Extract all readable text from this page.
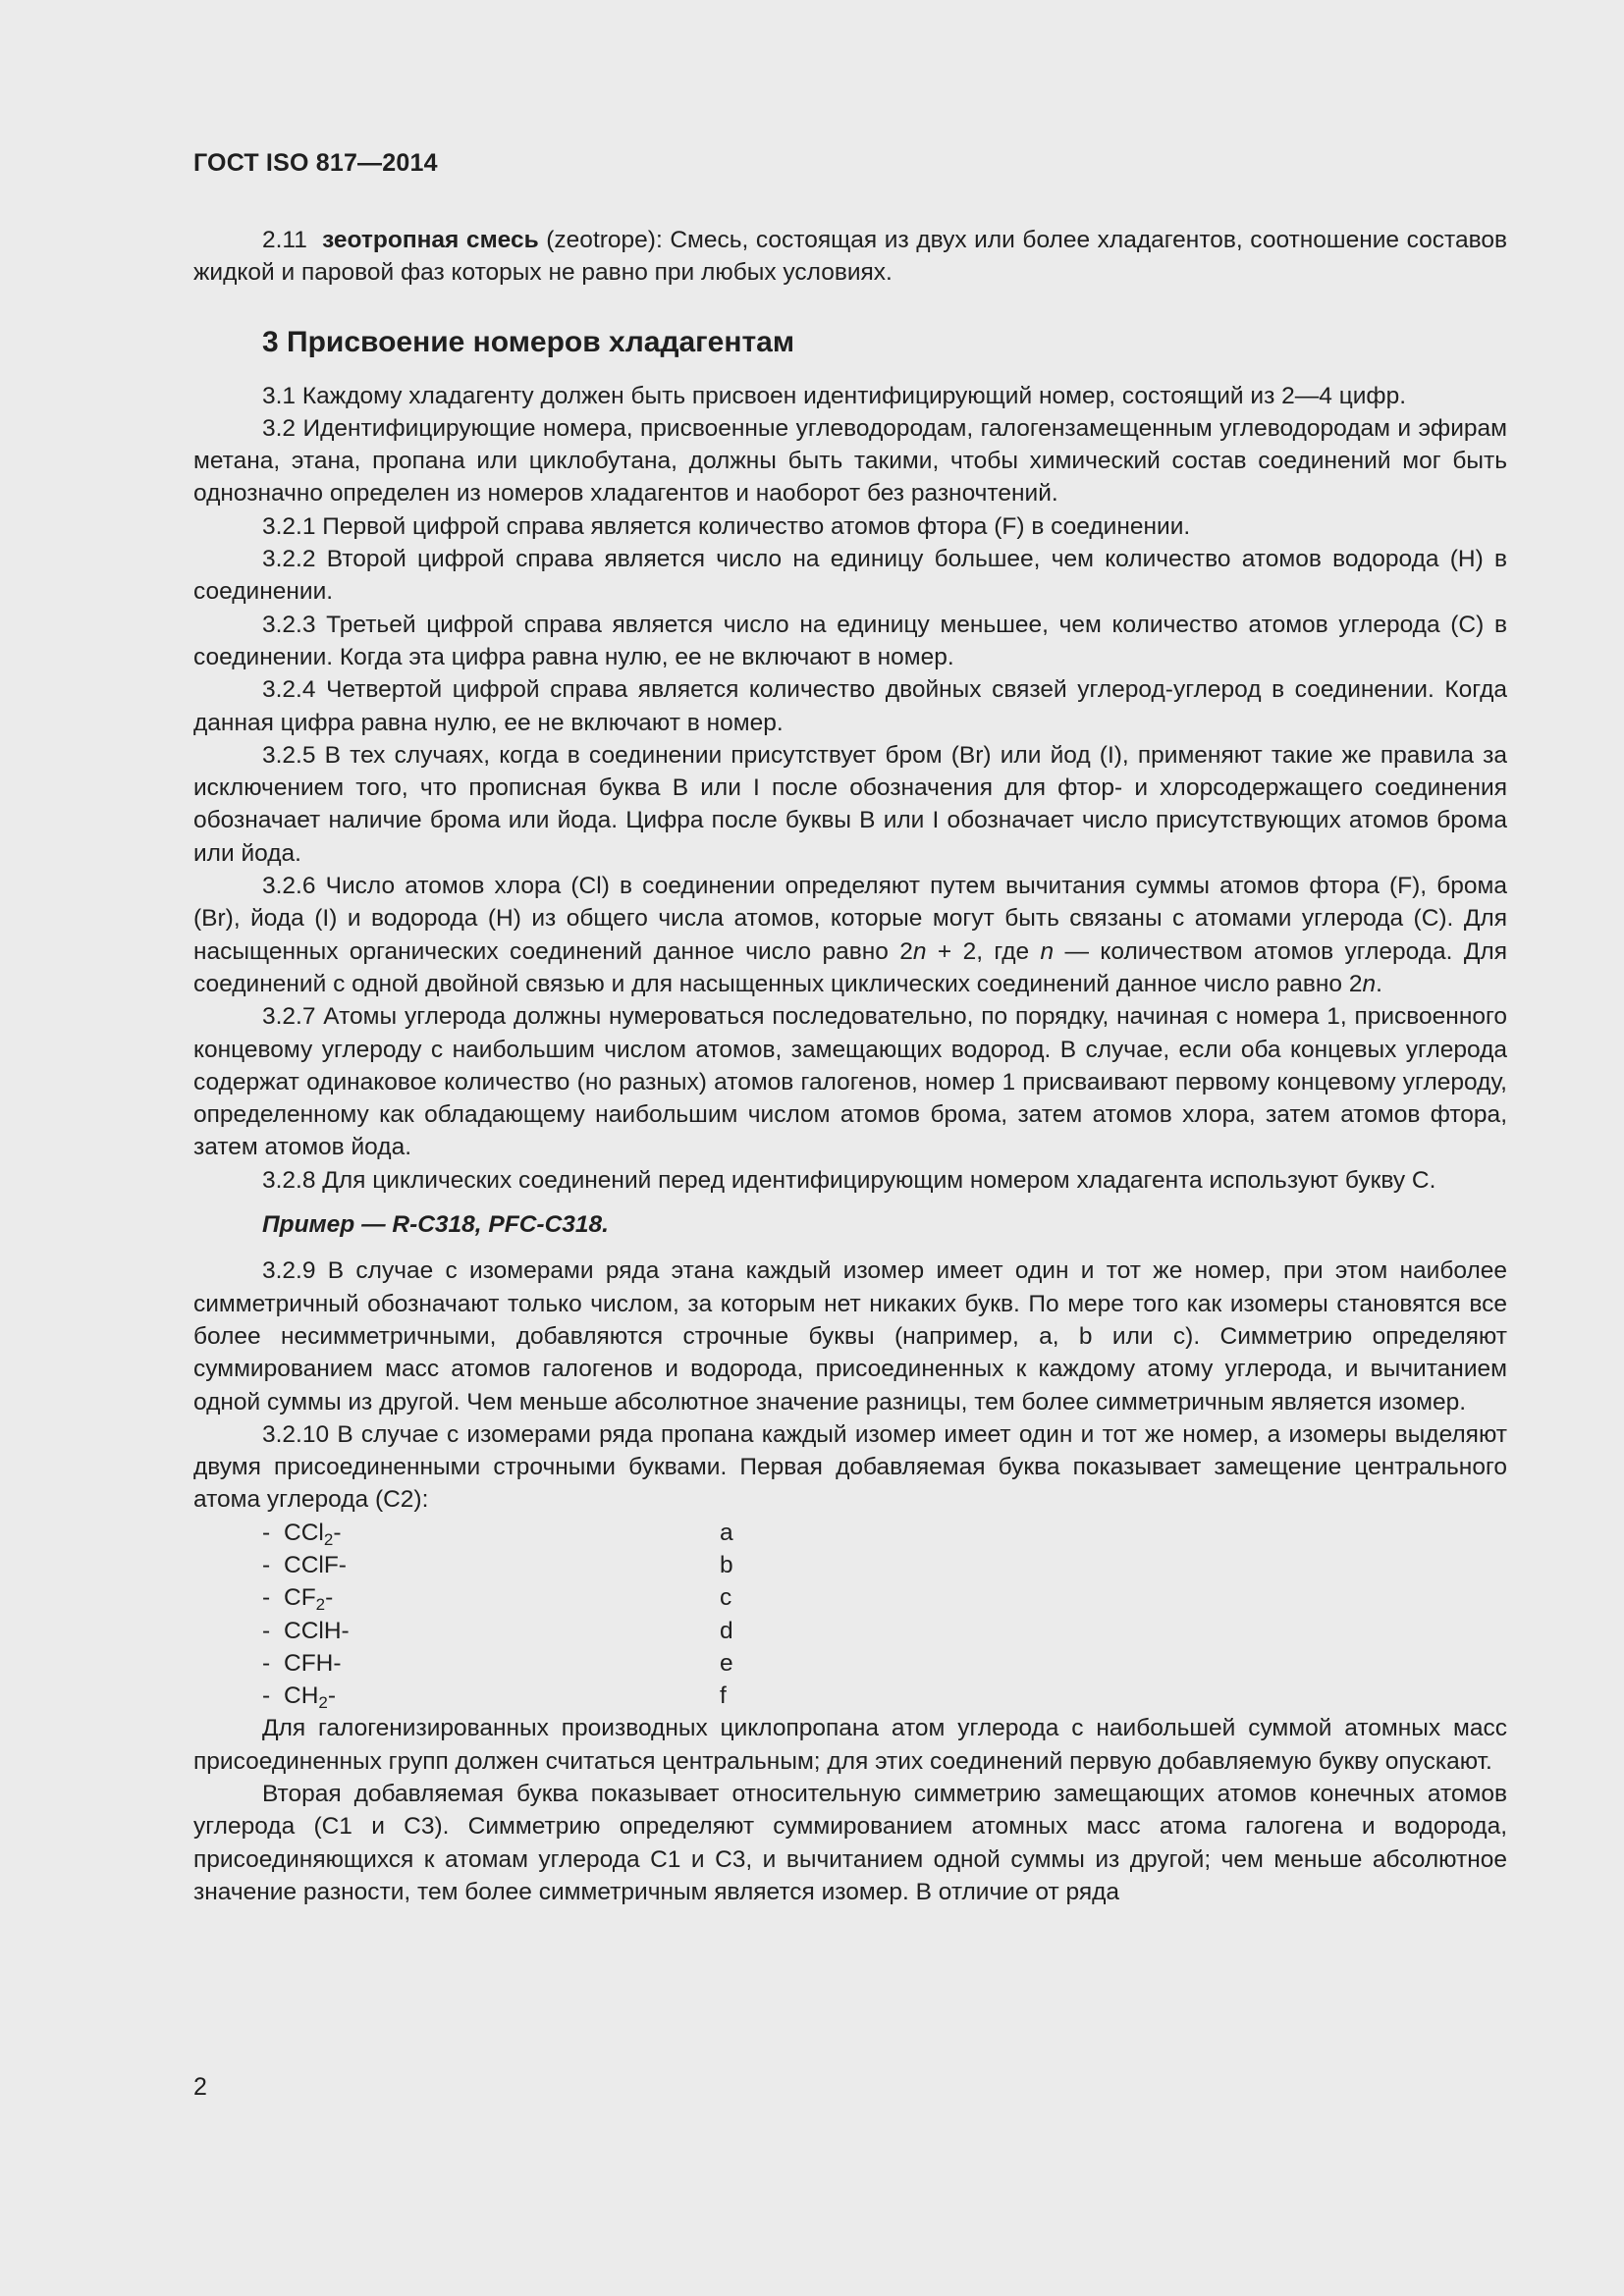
ГОСТ ISO 817—2014

2.11 зеотропная смесь (zeotrope): Смесь, состоящая из двух или более хладагентов, соотношение составов жидкой и паровой фаз которых не равно при любых условиях.

3 Присвоение номеров хладагентам

3.1 Каждому хладагенту должен быть присвоен идентифицирующий номер, состоящий из 2—4 цифр.

3.2 Идентифицирующие номера, присвоенные углеводородам, галогензамещенным углеводородам и эфирам метана, этана, пропана или циклобутана, должны быть такими, чтобы химический состав соединений мог быть однозначно определен из номеров хладагентов и наоборот без разночтений.

3.2.1 Первой цифрой справа является количество атомов фтора (F) в соединении.

3.2.2 Второй цифрой справа является число на единицу большее, чем количество атомов водорода (H) в соединении.

3.2.3 Третьей цифрой справа является число на единицу меньшее, чем количество атомов углерода (C) в соединении. Когда эта цифра равна нулю, ее не включают в номер.

3.2.4 Четвертой цифрой справа является количество двойных связей углерод-углерод в соединении. Когда данная цифра равна нулю, ее не включают в номер.

3.2.5 В тех случаях, когда в соединении присутствует бром (Br) или йод (I), применяют такие же правила за исключением того, что прописная буква B или I после обозначения для фтор- и хлорсодержащего соединения обозначает наличие брома или йода. Цифра после буквы B или I обозначает число присутствующих атомов брома или йода.

3.2.6 Число атомов хлора (Cl) в соединении определяют путем вычитания суммы атомов фтора (F), брома (Br), йода (I) и водорода (H) из общего числа атомов, которые могут быть связаны с атомами углерода (C). Для насыщенных органических соединений данное число равно 2n + 2, где n — количеством атомов углерода. Для соединений с одной двойной связью и для насыщенных циклических соединений данное число равно 2n.

3.2.7 Атомы углерода должны нумероваться последовательно, по порядку, начиная с номера 1, присвоенного концевому углероду с наибольшим числом атомов, замещающих водород. В случае, если оба концевых углерода содержат одинаковое количество (но разных) атомов галогенов, номер 1 присваивают первому концевому углероду, определенному как обладающему наибольшим числом атомов брома, затем атомов хлора, затем атомов фтора, затем атомов йода.

3.2.8 Для циклических соединений перед идентифицирующим номером хладагента используют букву C.

Пример — R-C318, PFC-C318.

3.2.9 В случае с изомерами ряда этана каждый изомер имеет один и тот же номер, при этом наиболее симметричный обозначают только числом, за которым нет никаких букв. По мере того как изомеры становятся все более несимметричными, добавляются строчные буквы (например, a, b или c). Симметрию определяют суммированием масс атомов галогенов и водорода, присоединенных к каждому атому углерода, и вычитанием одной суммы из другой. Чем меньше абсолютное значение разницы, тем более симметричным является изомер.

3.2.10 В случае с изомерами ряда пропана каждый изомер имеет один и тот же номер, а изомеры выделяют двумя присоединенными строчными буквами. Первая добавляемая буква показывает замещение центрального атома углерода (C2):

- CCl$_2$-	a
- CClF-	b
- $CF_2-$	c
- CClH-	d
- CFH-	e
- $CH_2-$	f

Для галогенизированных производных циклопропана атом углерода с наибольшей суммой атомных масс присоединенных групп должен считаться центральным; для этих соединений первую добавляемую букву опускают.

Вторая добавляемая буква показывает относительную симметрию замещающих атомов конечных атомов углерода (C1 и C3). Симметрию определяют суммированием атомных масс атома галогена и водорода, присоединяющихся к атомам углерода C1 и C3, и вычитанием одной суммы из другой; чем меньше абсолютное значение разности, тем более симметричным является изомер. В отличие от ряда

2
